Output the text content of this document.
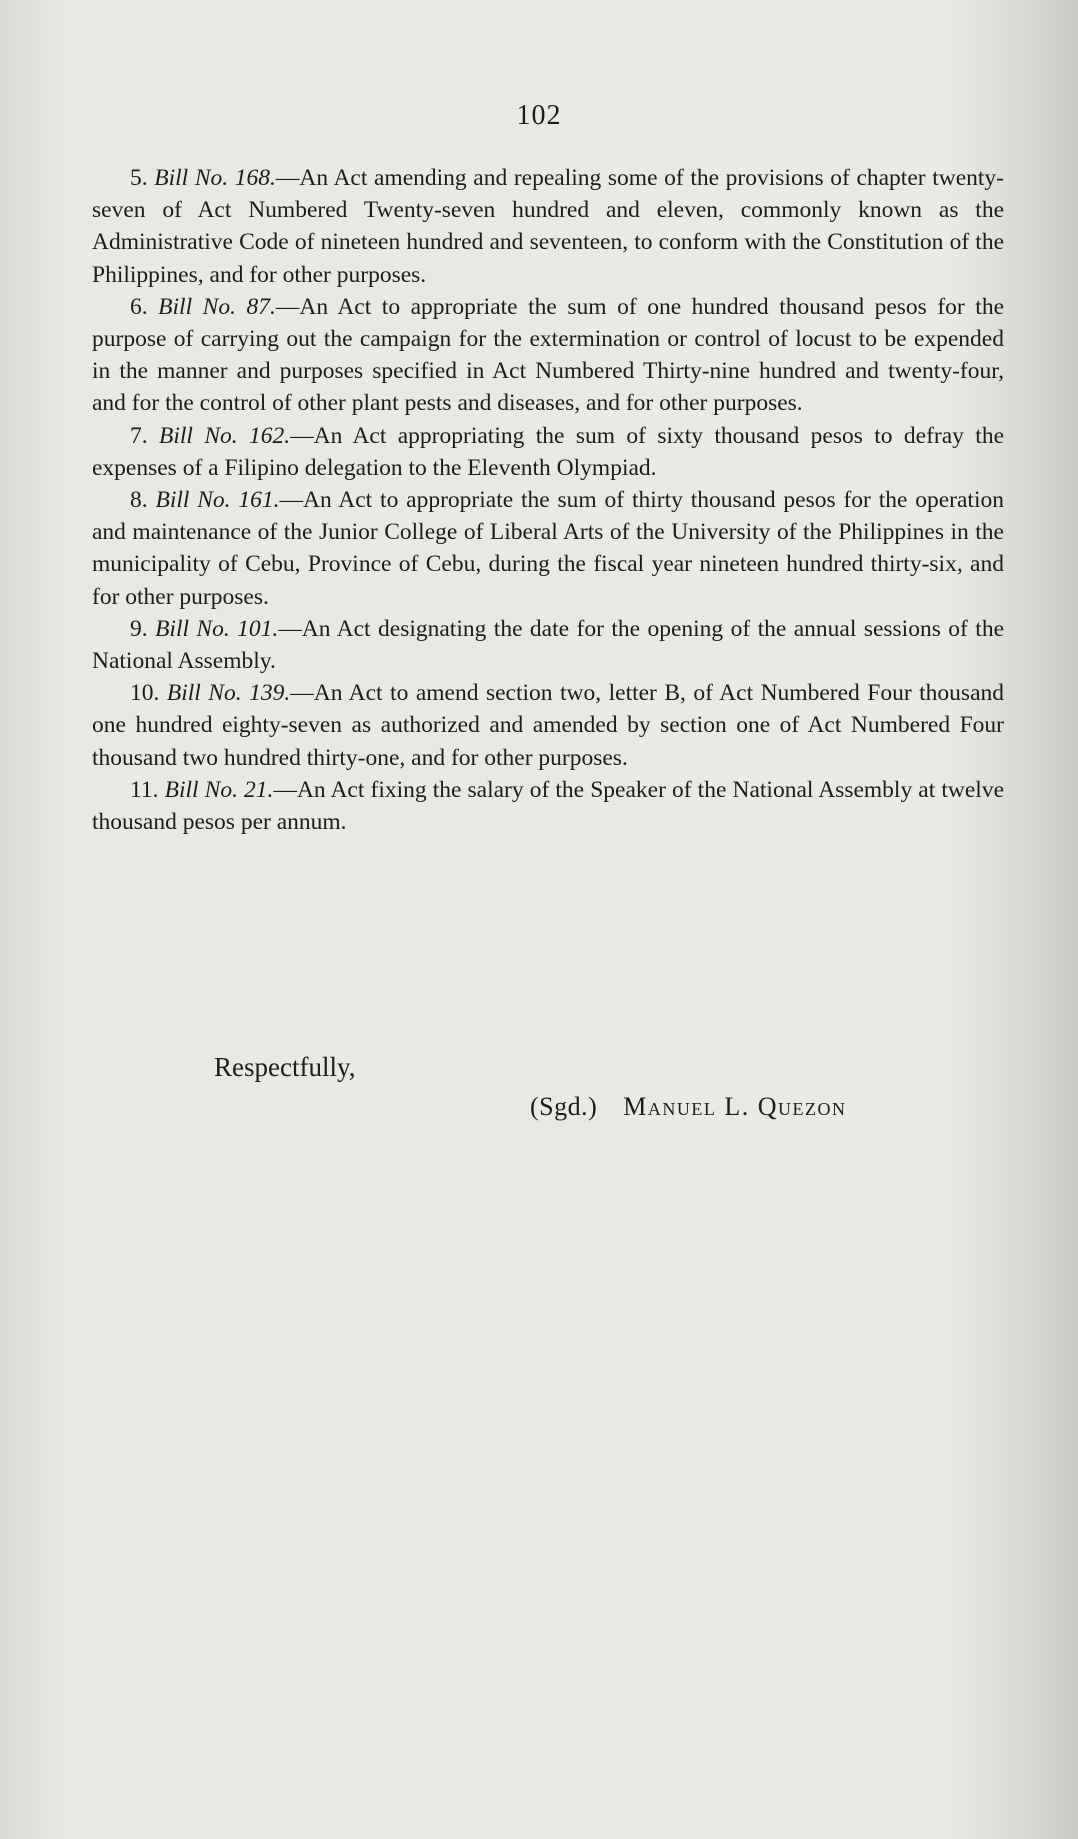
102

5. Bill No. 168.—An Act amending and repealing some of the provisions of chapter twenty-seven of Act Numbered Twenty-seven hundred and eleven, commonly known as the Administrative Code of nineteen hundred and seventeen, to conform with the Constitution of the Philippines, and for other purposes.

6. Bill No. 87.—An Act to appropriate the sum of one hundred thousand pesos for the purpose of carrying out the campaign for the extermination or control of locust to be expended in the manner and purposes specified in Act Numbered Thirty-nine hundred and twenty-four, and for the control of other plant pests and diseases, and for other purposes.

7. Bill No. 162.—An Act appropriating the sum of sixty thousand pesos to defray the expenses of a Filipino delegation to the Eleventh Olympiad.

8. Bill No. 161.—An Act to appropriate the sum of thirty thousand pesos for the operation and maintenance of the Junior College of Liberal Arts of the University of the Philippines in the municipality of Cebu, Province of Cebu, during the fiscal year nineteen hundred thirty-six, and for other purposes.

9. Bill No. 101.—An Act designating the date for the opening of the annual sessions of the National Assembly.

10. Bill No. 139.—An Act to amend section two, letter B, of Act Numbered Four thousand one hundred eighty-seven as authorized and amended by section one of Act Numbered Four thousand two hundred thirty-one, and for other purposes.

11. Bill No. 21.—An Act fixing the salary of the Speaker of the National Assembly at twelve thousand pesos per annum.

Respectfully,
(Sgd.) Manuel L. Quezon
